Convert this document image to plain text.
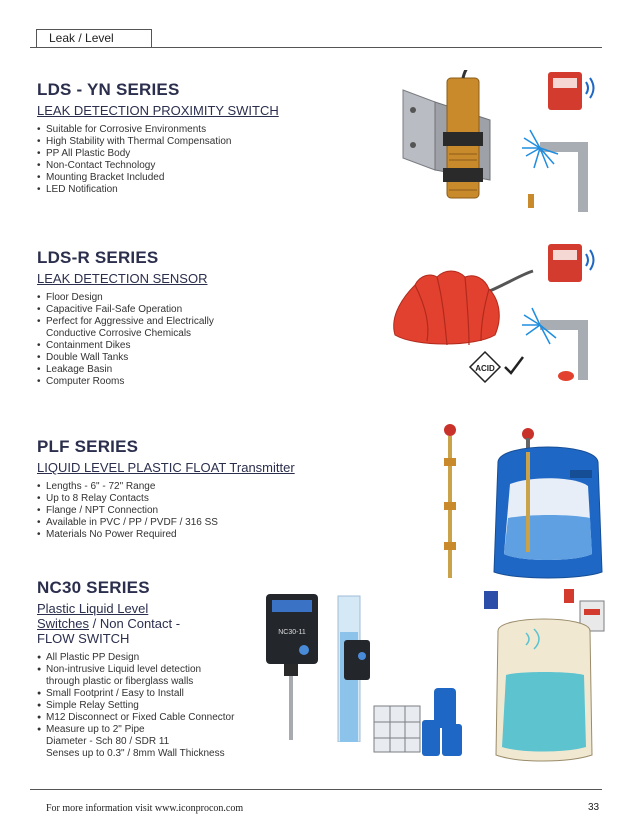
Leak / Level
LDS - YN SERIES
LEAK DETECTION PROXIMITY SWITCH
• Suitable for Corrosive Environments
• High Stability with Thermal Compensation
• PP All Plastic Body
• Non-Contact Technology
• Mounting Bracket Included
• LED Notification
LDS-R SERIES
LEAK DETECTION SENSOR
• Floor Design
• Capacitive Fail-Safe Operation
• Perfect for Aggressive and Electrically Conductive Corrosive Chemicals
• Containment Dikes
• Double Wall Tanks
• Leakage Basin
• Computer Rooms
ACID
PLF SERIES
LIQUID LEVEL PLASTIC FLOAT Transmitter
• Lengths - 6" - 72" Range
• Up to 8 Relay Contacts
• Flange / NPT Connection
• Available in PVC / PP / PVDF / 316 SS
• Materials No Power Required
NC30 SERIES
Plastic Liquid Level
Switches / Non Contact -
FLOW SWITCH
● All Plastic PP Design
● Non-intrusive Liquid level detection through plastic or fiberglass walls
● Small Footprint / Easy to Install
● Simple Relay Setting
● M12 Disconnect or Fixed Cable Connector
● Measure up to 2" Pipe Diameter - Sch 80 / SDR 11
Senses up to 0.3" / 8mm Wall Thickness
NC30-11
For more information visit www.iconprocon.com	33
